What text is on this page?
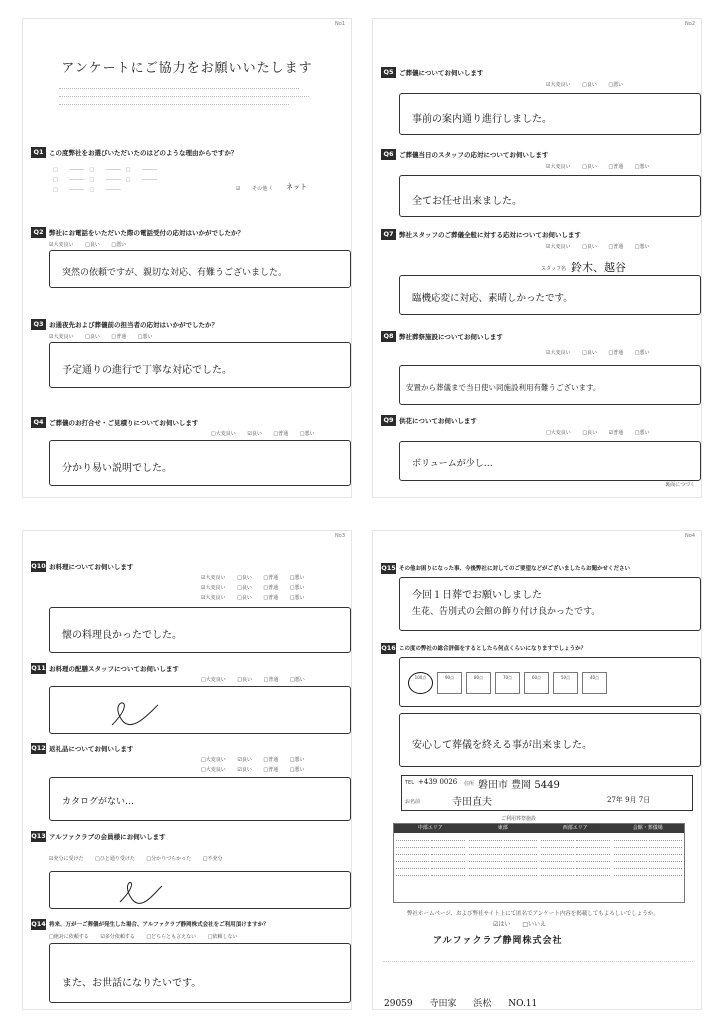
No1
アンケートにご協力をお願いいたします
Q1 この度弊社をお選びいただいたのはどのような理由からですか？
□ ─────　□ ─────　□ ─────
□ ─────　□ ─────　□ ─────
□ ─────　□ ─────	☑ その他（ ネット
Q2 弊社にお電話をいただいた際の電話受付の応対はいかがでしたか？
☑大変良い □良い □悪い
突然の依頼ですが、親切な対応、有難うございました。
Q3 お通夜先および葬儀前の担当者の応対はいかがでしたか？
☑大変良い □良い □普通 □悪い
予定通りの進行で丁寧な対応でした。
Q4 ご葬儀のお打合せ・ご見積りについてお伺いします
□大変良い ☑良い □普通 □悪い
分かり易い説明でした。
No2
Q5 ご葬儀についてお伺いします
☑大変良い □良い □悪い
事前の案内通り進行しました。
Q6 ご葬儀当日のスタッフの応対についてお伺いします
☑大変良い □良い □普通 □悪い
全てお任せ出来ました。
Q7 弊社スタッフのご葬儀全般に対する応対についてお伺いします
☑大変良い □良い □普通 □悪い
スタッフ名 鈴木、越谷
臨機応変に対応、素晴しかったです。
Q8 弊社葬祭施設についてお伺いします
☑大変良い □良い □普通 □悪い
安置から葬儀まで当日使い同施設利用有難うございます。
Q9 供花についてお伺いします
□大変良い □良い ☑普通 □悪い
ボリュームが少し…
裏面につづく
No3
Q10 お料理についてお伺いします
☑大変良い □良い □普通 □悪い
☑大変良い □良い □普通 □悪い
☑大変良い □良い □普通 □悪い
懐の料理良かったでした。
Q11 お料理の配膳スタッフについてお伺いします
□大変良い □良い □普通 □悪い
Q12 返礼品についてお伺いします
□大変良い ☑良い □普通 □悪い
□大変良い ☑良い □普通 □悪い
カタログがない…
Q13 アルファクラブの会員様にお伺いします
☑充分に受けた □ひと通り受けた □分かりづらかった □不充分
Q14 将来、万が一ご葬儀が発生した場合、アルファクラブ静岡株式会社をご利用頂けますか？
□絶対に依頼する ☑多分依頼する □どちらとも言えない □依頼しない
また、お世話になりたいです。
No4
Q15 その他お困りになった事、今後弊社に対してのご要望などがございましたらお聞かせください
今回１日葬でお願いしました
生花、告別式の会館の飾り付け良かったです。
Q16 この度の弊社の総合評価をするとしたら何点くらいになりますでしょうか？
100点	90点	80点	70点	60点	50点	40点
安心して葬儀を終える事が出来ました。
TEL +439 0026 住所 磐田市 豊岡 5449
お名前	寺田直夫	27年 9月 7日
ご利用葬祭施設
中部エリア	東部	西部エリア	会館・葬儀場
弊社ホームページ、および弊社サイト上にて匿名でアンケート内容を掲載してもよろしいでしょうか。
☑はい □いいえ
アルファクラブ静岡株式会社
29059 寺田家 浜松 NO.11
